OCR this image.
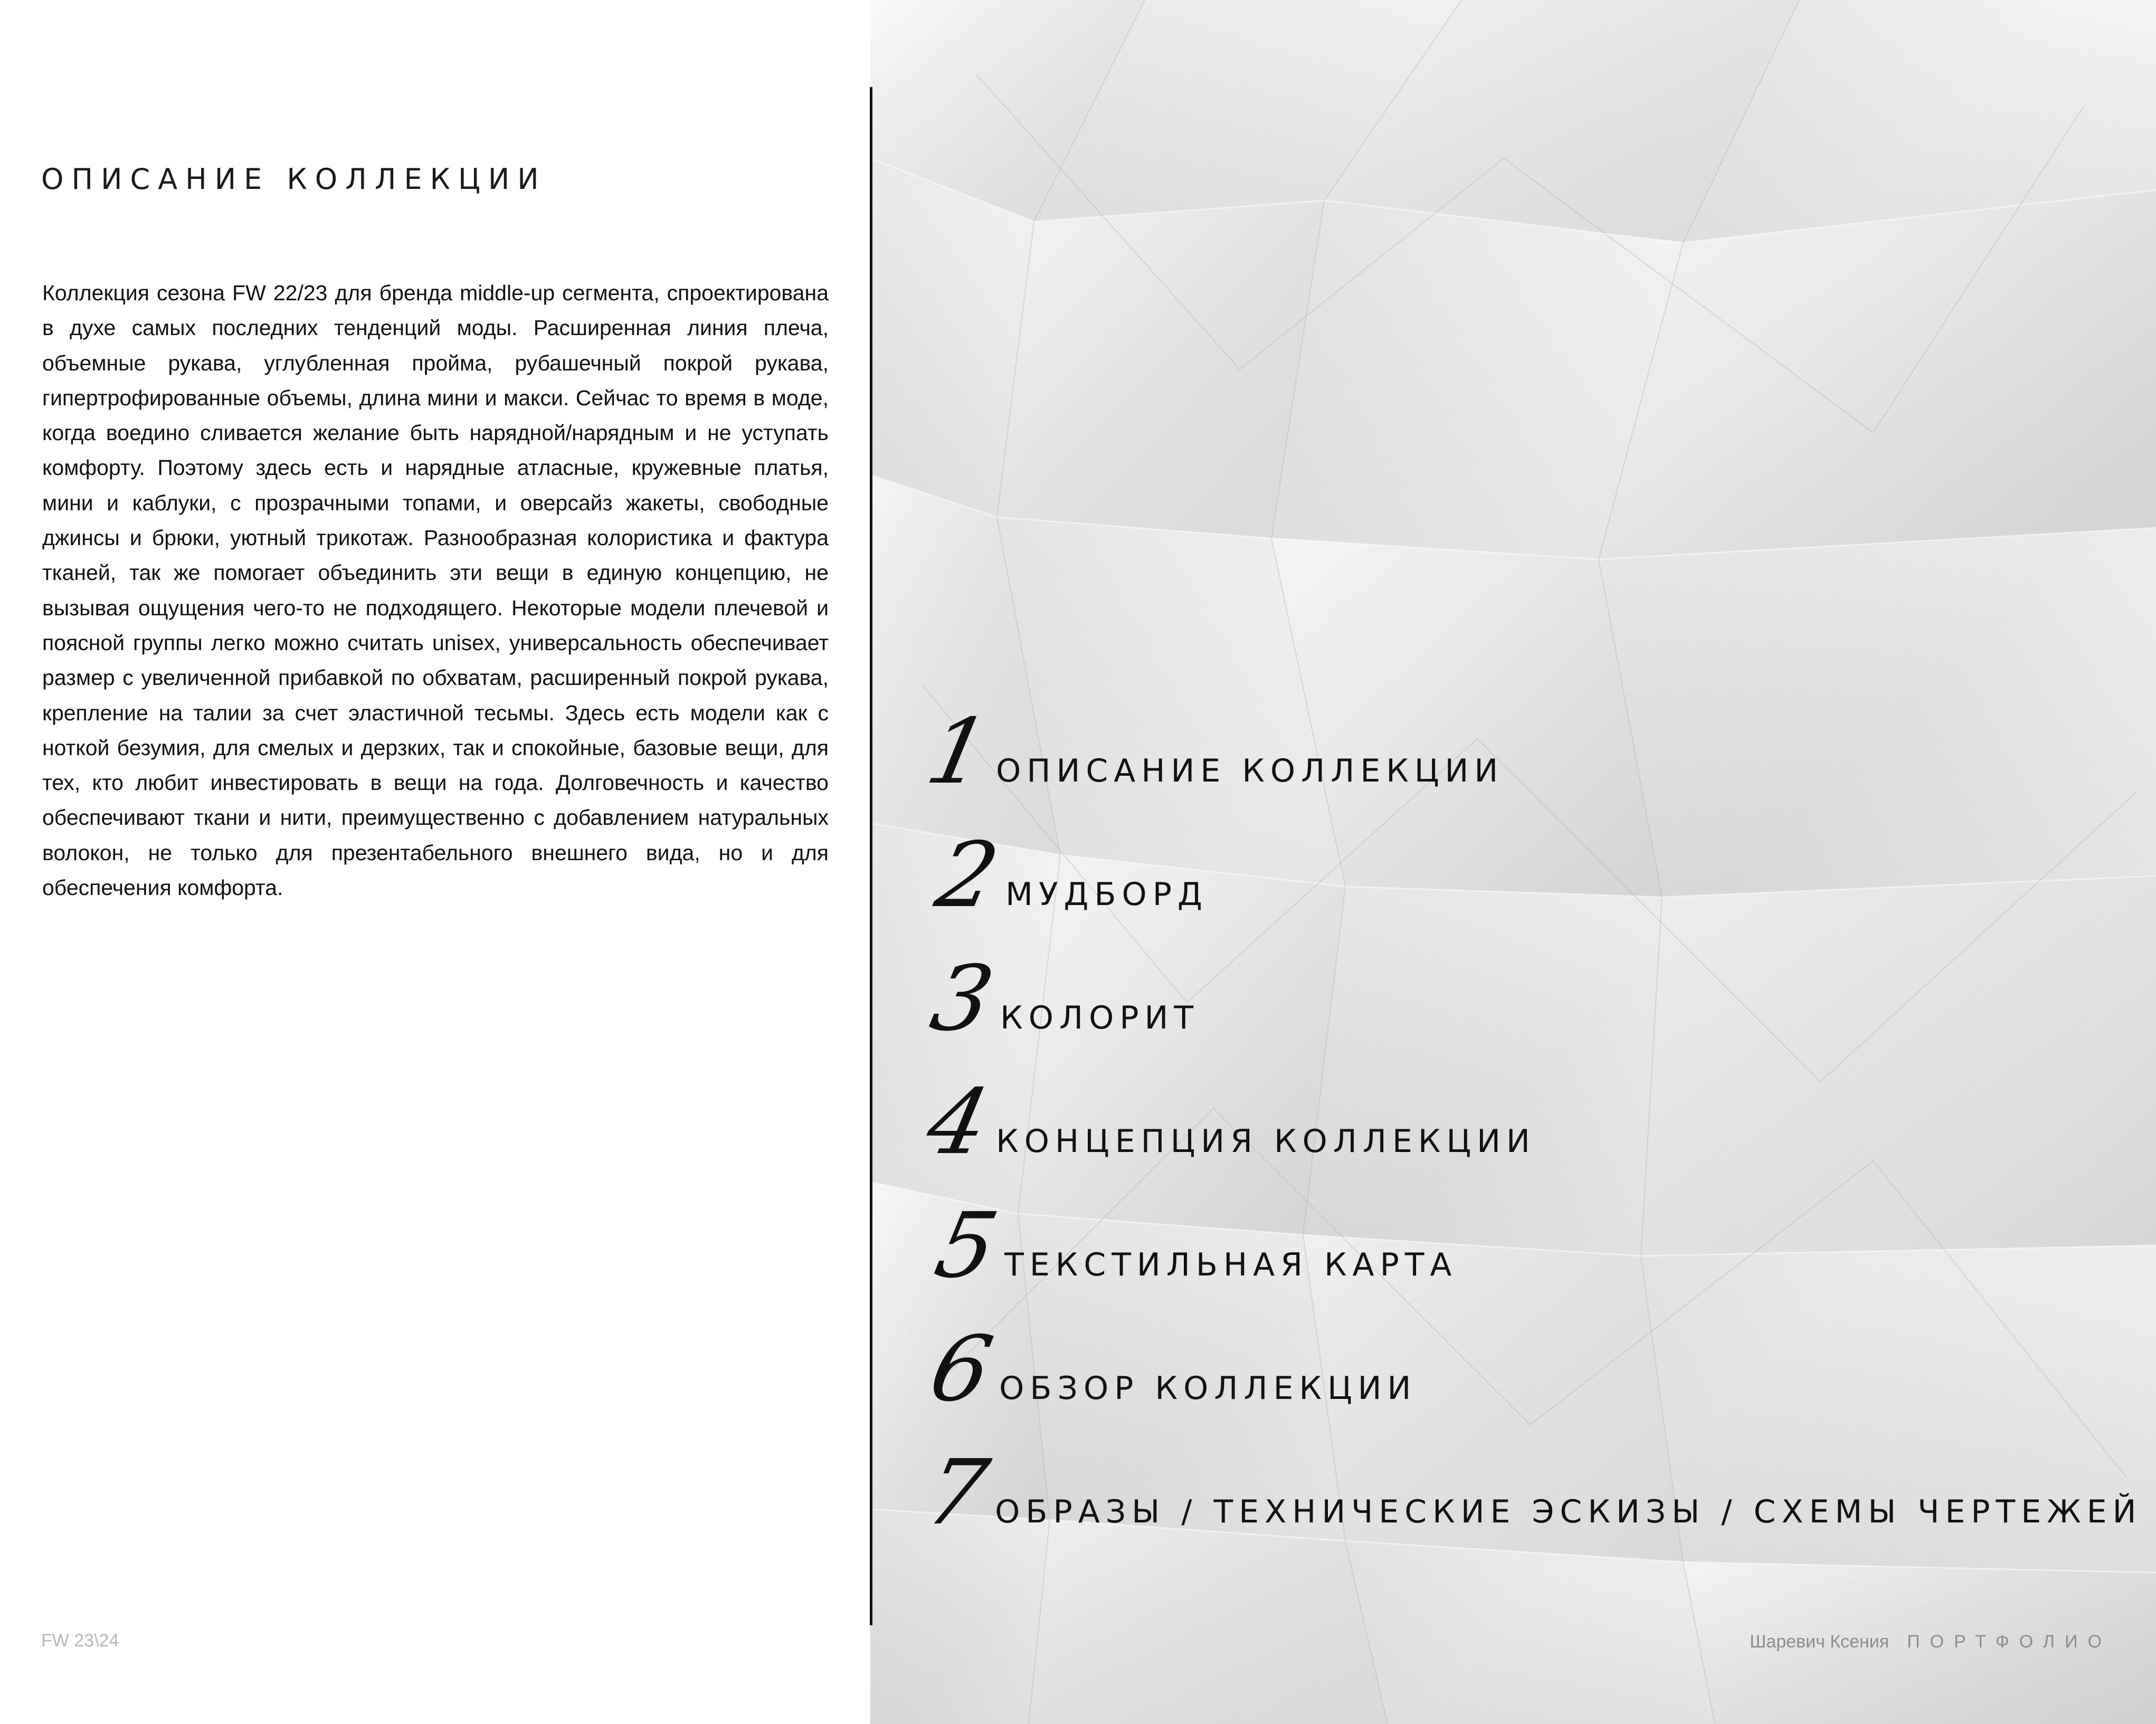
ОПИСАНИЕ КОЛЛЕКЦИИ

Коллекция сезона FW 22/23 для бренда middle-up сегмента, спроектирована в духе самых последних тенденций моды. Расширенная линия плеча, объемные рукава, углубленная пройма, рубашечный покрой рукава, гипертрофированные объемы, длина мини и макси. Сейчас то время в моде, когда воедино сливается желание быть нарядной/нарядным и не уступать комфорту. Поэтому здесь есть и нарядные атласные, кружевные платья, мини и каблуки, с прозрачными топами, и оверсайз жакеты, свободные джинсы и брюки, уютный трикотаж. Разнообразная колористика и фактура тканей, так же помогает объединить эти вещи в единую концепцию, не вызывая ощущения чего-то не подходящего. Некоторые модели плечевой и поясной группы легко можно считать unisex, универсальность обеспечивает размер с увеличенной прибавкой по обхватам, расширенный покрой рукава, крепление на талии за счет эластичной тесьмы. Здесь есть модели как с ноткой безумия, для смелых и дерзких, так и спокойные, базовые вещи, для тех, кто любит инвестировать в вещи на года. Долговечность и качество обеспечивают ткани и нити, преимущественно с добавлением натуральных волокон, не только для презентабельного внешнего вида, но и для обеспечения комфорта.

FW 23\24
1
ОПИСАНИЕ КОЛЛЕКЦИИ
2
МУДБОРД
3
КОЛОРИТ
4
КОНЦЕПЦИЯ КОЛЛЕКЦИИ
5
ТЕКСТИЛЬНАЯ КАРТА
6
ОБЗОР КОЛЛЕКЦИИ
7
ОБРАЗЫ / ТЕХНИЧЕСКИЕ ЭСКИЗЫ / СХЕМЫ ЧЕРТЕЖЕЙ
Шаревич Ксения ПОРТФОЛИО
